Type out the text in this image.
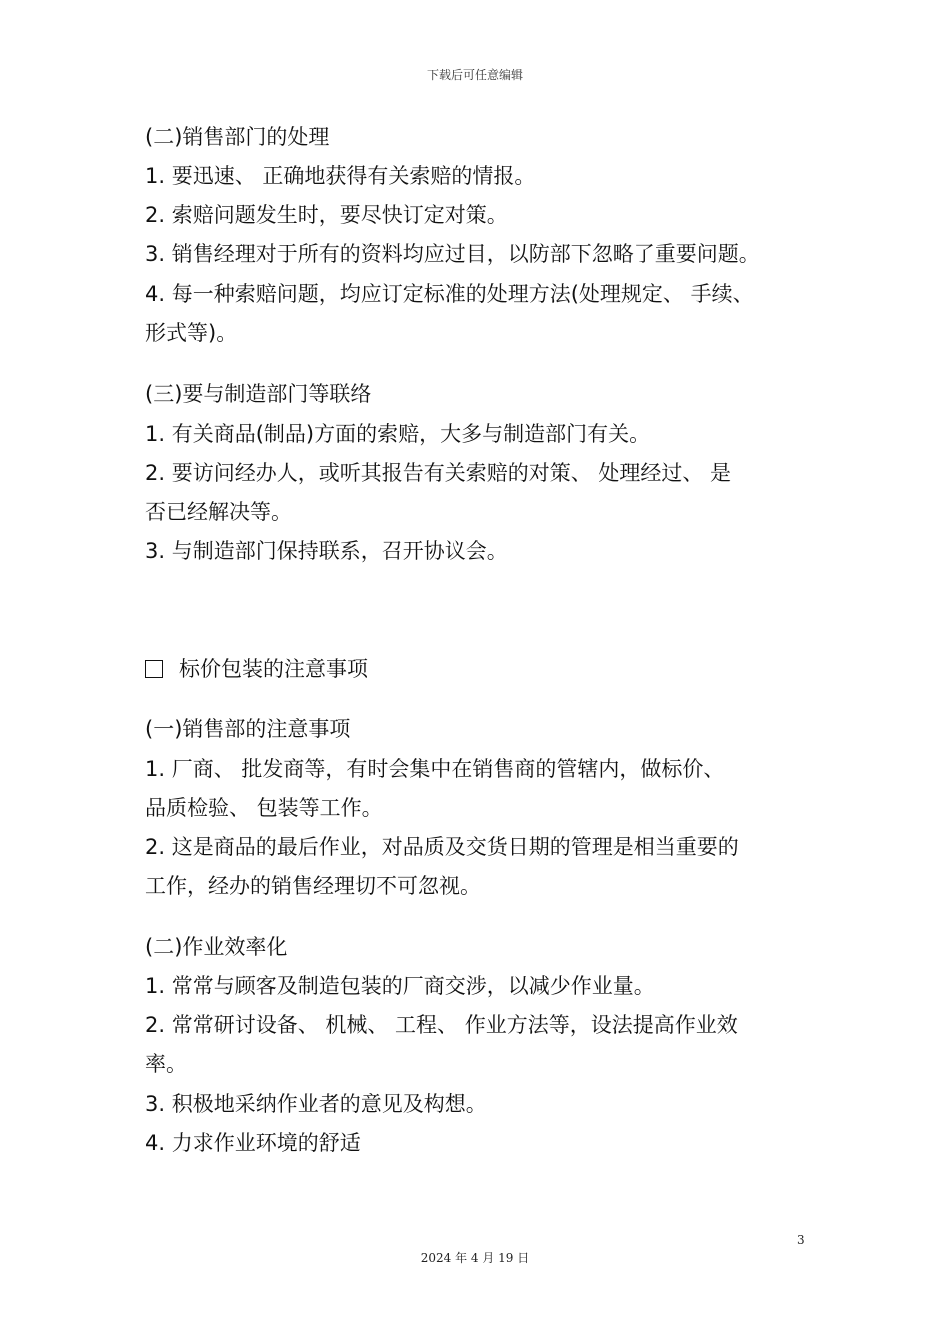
下载后可任意编辑
(二)销售部门的处理
1. 要迅速、 正确地获得有关索赔的情报。
2. 索赔问题发生时，要尽快订定对策。
3. 销售经理对于所有的资料均应过目，以防部下忽略了重要问题。
4. 每一种索赔问题，均应订定标准的处理方法(处理规定、 手续、
形式等)。
(三)要与制造部门等联络
1. 有关商品(制品)方面的索赔，大多与制造部门有关。
2. 要访问经办人，或听其报告有关索赔的对策、 处理经过、 是
否已经解决等。
3. 与制造部门保持联系，召开协议会。
标价包装的注意事项
(一)销售部的注意事项
1. 厂商、 批发商等，有时会集中在销售商的管辖内，做标价、
品质检验、 包装等工作。
2. 这是商品的最后作业，对品质及交货日期的管理是相当重要的
工作，经办的销售经理切不可忽视。
(二)作业效率化
1. 常常与顾客及制造包装的厂商交涉，以减少作业量。
2. 常常研讨设备、 机械、 工程、 作业方法等，设法提高作业效
率。
3. 积极地采纳作业者的意见及构想。
4. 力求作业环境的舒适
3
2024 年 4 月 19 日
